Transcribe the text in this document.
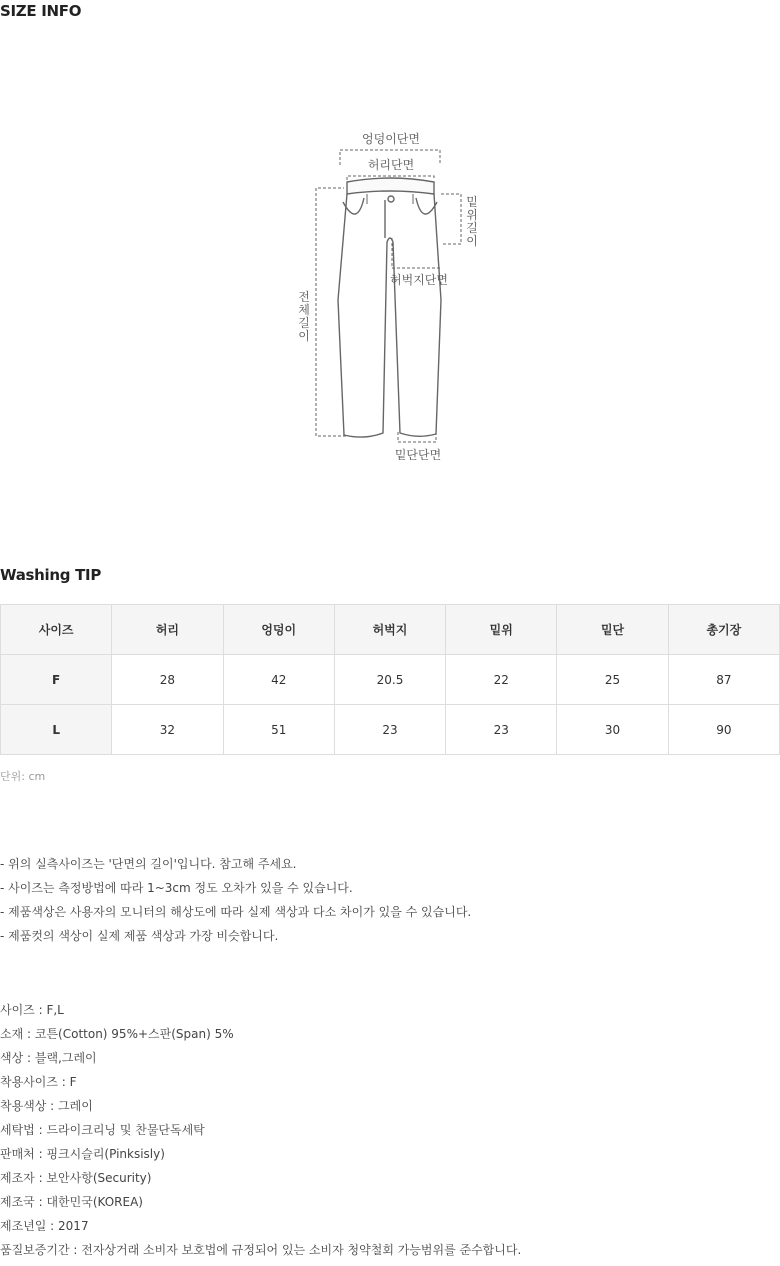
SIZE INFO
엉덩이단면
허리단면
허벅지단면
밑단단면
밑
위
길
이
전
체
길
이
Washing TIP
사이즈	허리	엉덩이	허벅지	밑위	밑단	총기장
F	28	42	20.5	22	25	87
L	32	51	23	23	30	90
단위: cm
- 위의 실측사이즈는 '단면의 길이'입니다. 참고해 주세요.
- 사이즈는 측정방법에 따라 1~3cm 정도 오차가 있을 수 있습니다.
- 제품색상은 사용자의 모니터의 해상도에 따라 실제 색상과 다소 차이가 있을 수 있습니다.
- 제품컷의 색상이 실제 제품 색상과 가장 비슷합니다.
사이즈 : F,L
소재 : 코튼(Cotton) 95%+스판(Span) 5%
색상 : 블랙,그레이
착용사이즈 : F
착용색상 : 그레이
세탁법 : 드라이크리닝 및 찬물단독세탁
판매처 : 핑크시슬리(Pinksisly)
제조자 : 보안사항(Security)
제조국 : 대한민국(KOREA)
제조년일 : 2017
품질보증기간 : 전자상거래 소비자 보호법에 규정되어 있는 소비자 청약철회 가능범위를 준수합니다.
